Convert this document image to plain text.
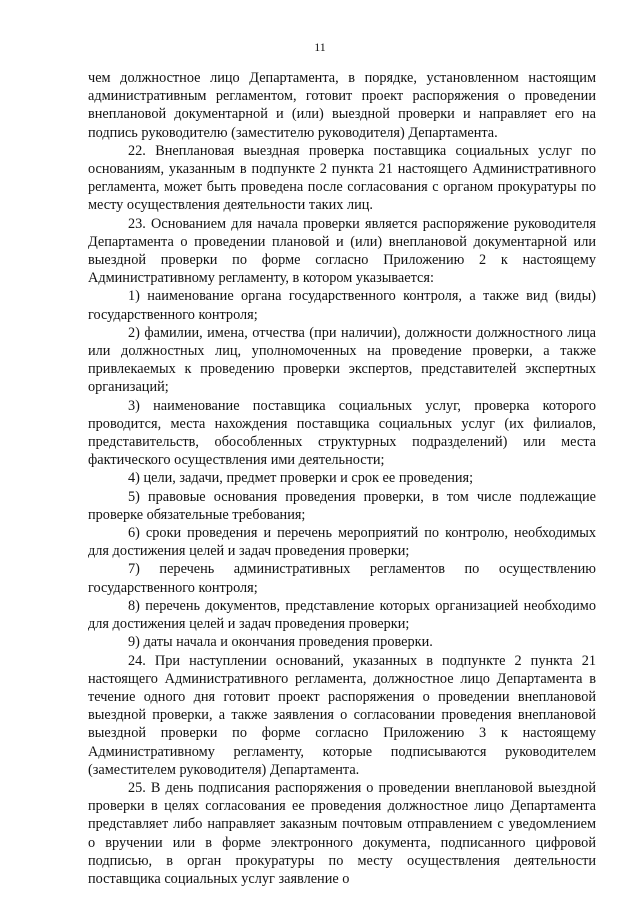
11

чем должностное лицо Департамента, в порядке, установленном настоящим административным регламентом, готовит проект распоряжения о проведении внеплановой документарной и (или) выездной проверки и направляет его на подпись руководителю (заместителю руководителя) Департамента.

22. Внеплановая выездная проверка поставщика социальных услуг по основаниям, указанным в подпункте 2 пункта 21 настоящего Административного регламента, может быть проведена после согласования с органом прокуратуры по месту осуществления деятельности таких лиц.

23. Основанием для начала проверки является распоряжение руководителя Департамента о проведении плановой и (или) внеплановой документарной или выездной проверки по форме согласно Приложению 2 к настоящему Административному регламенту, в котором указывается:

1) наименование органа государственного контроля, а также вид (виды) государственного контроля;

2) фамилии, имена, отчества (при наличии), должности должностного лица или должностных лиц, уполномоченных на проведение проверки, а также привлекаемых к проведению проверки экспертов, представителей экспертных организаций;

3) наименование поставщика социальных услуг, проверка которого проводится, места нахождения поставщика социальных услуг (их филиалов, представительств, обособленных структурных подразделений) или места фактического осуществления ими деятельности;

4) цели, задачи, предмет проверки и срок ее проведения;

5) правовые основания проведения проверки, в том числе подлежащие проверке обязательные требования;

6) сроки проведения и перечень мероприятий по контролю, необходимых для достижения целей и задач проведения проверки;

7) перечень административных регламентов по осуществлению государственного контроля;

8) перечень документов, представление которых организацией необходимо для достижения целей и задач проведения проверки;

9) даты начала и окончания проведения проверки.

24. При наступлении оснований, указанных в подпункте 2 пункта 21 настоящего Административного регламента, должностное лицо Департамента в течение одного дня готовит проект распоряжения о проведении внеплановой выездной проверки, а также заявления о согласовании проведения внеплановой выездной проверки по форме согласно Приложению 3 к настоящему Административному регламенту, которые подписываются руководителем (заместителем руководителя) Департамента.

25. В день подписания распоряжения о проведении внеплановой выездной проверки в целях согласования ее проведения должностное лицо Департамента представляет либо направляет заказным почтовым отправлением с уведомлением о вручении или в форме электронного документа, подписанного цифровой подписью, в орган прокуратуры по месту осуществления деятельности поставщика социальных услуг заявление о
